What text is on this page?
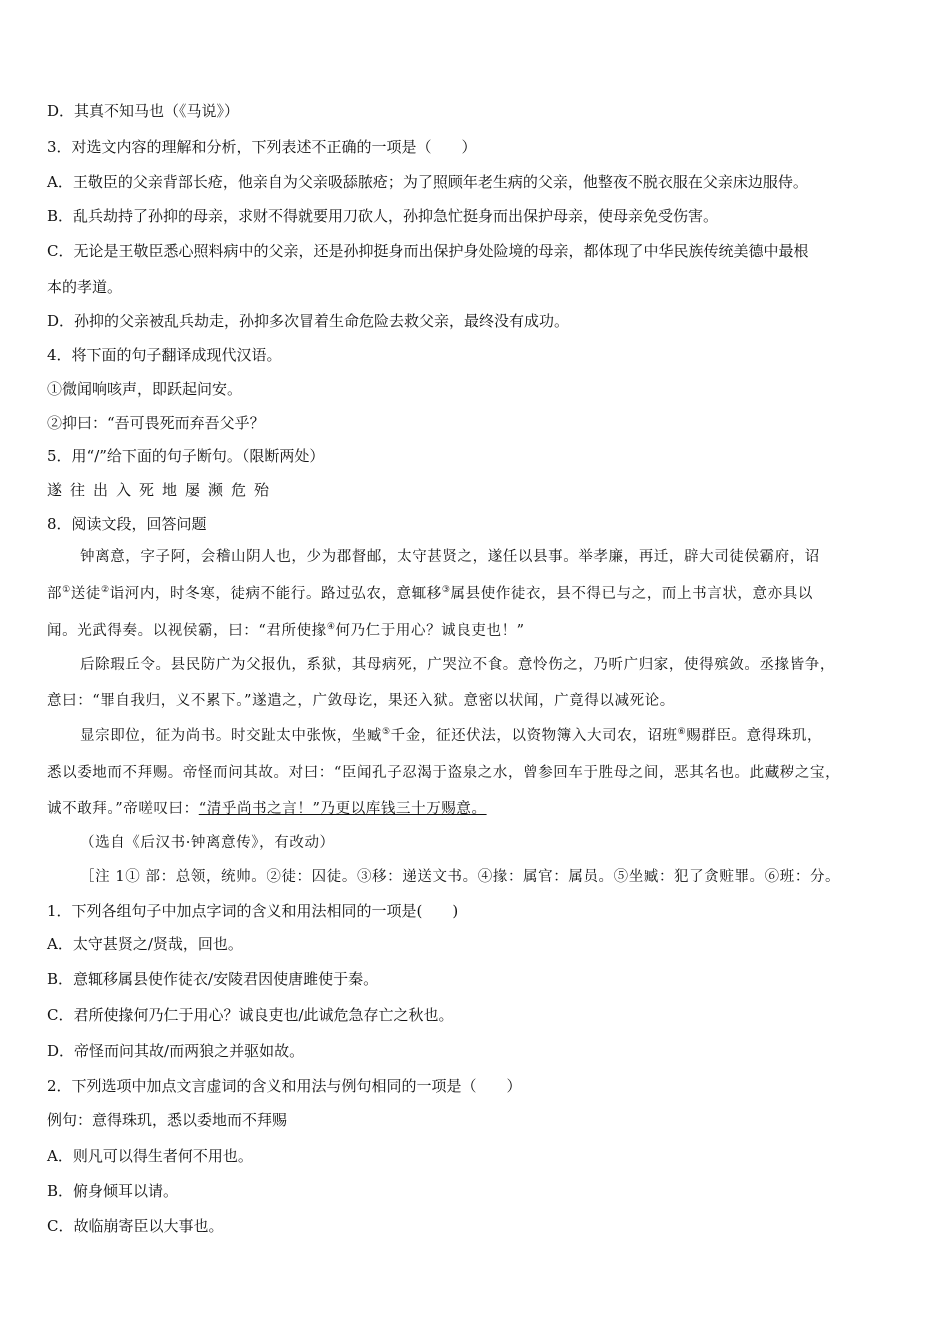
D．其真不知马也（《马说》）
3．对选文内容的理解和分析，下列表述不正确的一项是（　　）
A．王敬臣的父亲背部长疮，他亲自为父亲吸舔脓疮；为了照顾年老生病的父亲，他整夜不脱衣服在父亲床边服侍。
B．乱兵劫持了孙抑的母亲，求财不得就要用刀砍人，孙抑急忙挺身而出保护母亲，使母亲免受伤害。
C．无论是王敬臣悉心照料病中的父亲，还是孙抑挺身而出保护身处险境的母亲，都体现了中华民族传统美德中最根
本的孝道。
D．孙抑的父亲被乱兵劫走，孙抑多次冒着生命危险去救父亲，最终没有成功。
4．将下面的句子翻译成现代汉语。
①微闻响咳声，即跃起问安。
②抑曰：“吾可畏死而弃吾父乎？
5．用“/”给下面的句子断句。（限断两处）
遂往出入死地屡濒危殆
8．阅读文段，回答问题
钟离意，字子阿，会稽山阴人也，少为郡督邮，太守甚贤之，遂任以县事。举孝廉，再迁，辟大司徒侯霸府，诏
部①送徒②诣河内，时冬寒，徒病不能行。路过弘农，意辄移③属县使作徒衣，县不得已与之，而上书言状，意亦具以
闻。光武得奏。以视侯霸，曰：“君所使掾④何乃仁于用心？诚良吏也！”
后除瑕丘令。县民防广为父报仇，系狱，其母病死，广哭泣不食。意怜伤之，乃听广归家，使得殡敛。丞掾皆争，
意曰：“罪自我归，义不累下。”遂遣之，广敛母讫，果还入狱。意密以状闻，广竟得以减死论。
显宗即位，征为尚书。时交趾太中张恢，坐臧⑤千金，征还伏法，以资物簿入大司农，诏班⑥赐群臣。意得珠玑，
悉以委地而不拜赐。帝怪而问其故。对曰：“臣闻孔子忍渴于盗泉之水，曾参回车于胜母之间，恶其名也。此藏秽之宝，
诚不敢拜。”帝嗟叹曰：“清乎尚书之言！”乃更以库钱三十万赐意。
（选自《后汉书·钟离意传》，有改动）
［注 1① 部：总领，统帅。②徒：囚徒。③移：递送文书。④掾：属官：属员。⑤坐臧：犯了贪赃罪。⑥班：分。
1．下列各组句子中加点字词的含义和用法相同的一项是(　　)
A．太守甚贤之/贤哉，回也。
B．意辄移属县使作徒衣/安陵君因使唐雎使于秦。
C．君所使掾何乃仁于用心？诚良吏也/此诚危急存亡之秋也。
D．帝怪而问其故/而两狼之并驱如故。
2．下列选项中加点文言虚词的含义和用法与例句相同的一项是（　　）
例句：意得珠玑，悉以委地而不拜赐
A．则凡可以得生者何不用也。
B．俯身倾耳以请。
C．故临崩寄臣以大事也。
